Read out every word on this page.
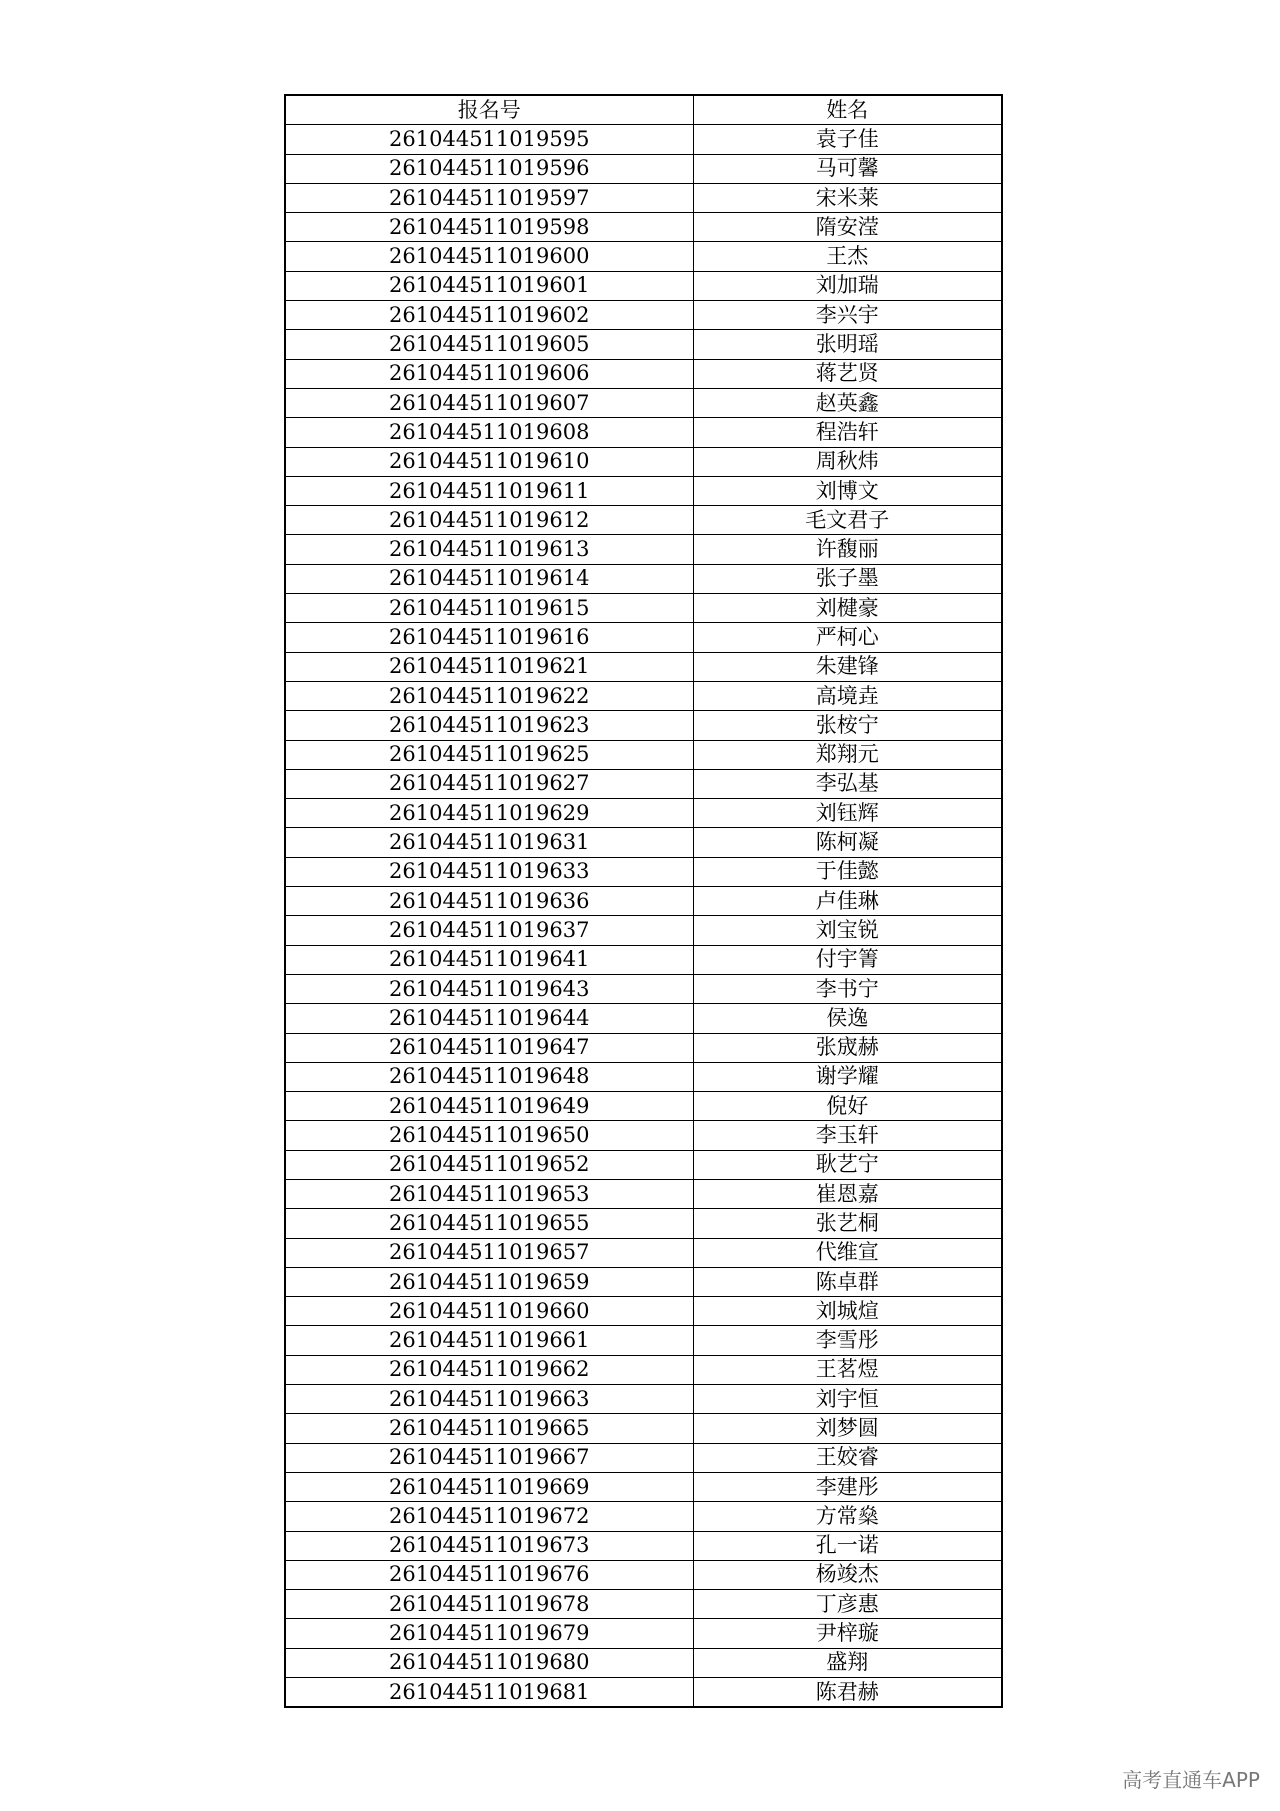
报名号	姓名
261044511019595	袁子佳
261044511019596	马可馨
261044511019597	宋米莱
261044511019598	隋安滢
261044511019600	王杰
261044511019601	刘加瑞
261044511019602	李兴宇
261044511019605	张明瑶
261044511019606	蒋艺贤
261044511019607	赵英鑫
261044511019608	程浩轩
261044511019610	周秋炜
261044511019611	刘博文
261044511019612	毛文君子
261044511019613	许馥丽
261044511019614	张子墨
261044511019615	刘楗豪
261044511019616	严柯心
261044511019621	朱建锋
261044511019622	高境垚
261044511019623	张桉宁
261044511019625	郑翔元
261044511019627	李弘基
261044511019629	刘钰辉
261044511019631	陈柯凝
261044511019633	于佳懿
261044511019636	卢佳琳
261044511019637	刘宝锐
261044511019641	付宇箐
261044511019643	李书宁
261044511019644	侯逸
261044511019647	张宬赫
261044511019648	谢学耀
261044511019649	倪好
261044511019650	李玉轩
261044511019652	耿艺宁
261044511019653	崔恩嘉
261044511019655	张艺桐
261044511019657	代维宣
261044511019659	陈卓群
261044511019660	刘城煊
261044511019661	李雪彤
261044511019662	王茗煜
261044511019663	刘宇恒
261044511019665	刘梦圆
261044511019667	王姣睿
261044511019669	李建彤
261044511019672	方常燊
261044511019673	孔一诺
261044511019676	杨竣杰
261044511019678	丁彦惠
261044511019679	尹梓璇
261044511019680	盛翔
261044511019681	陈君赫
高考直通车APP
